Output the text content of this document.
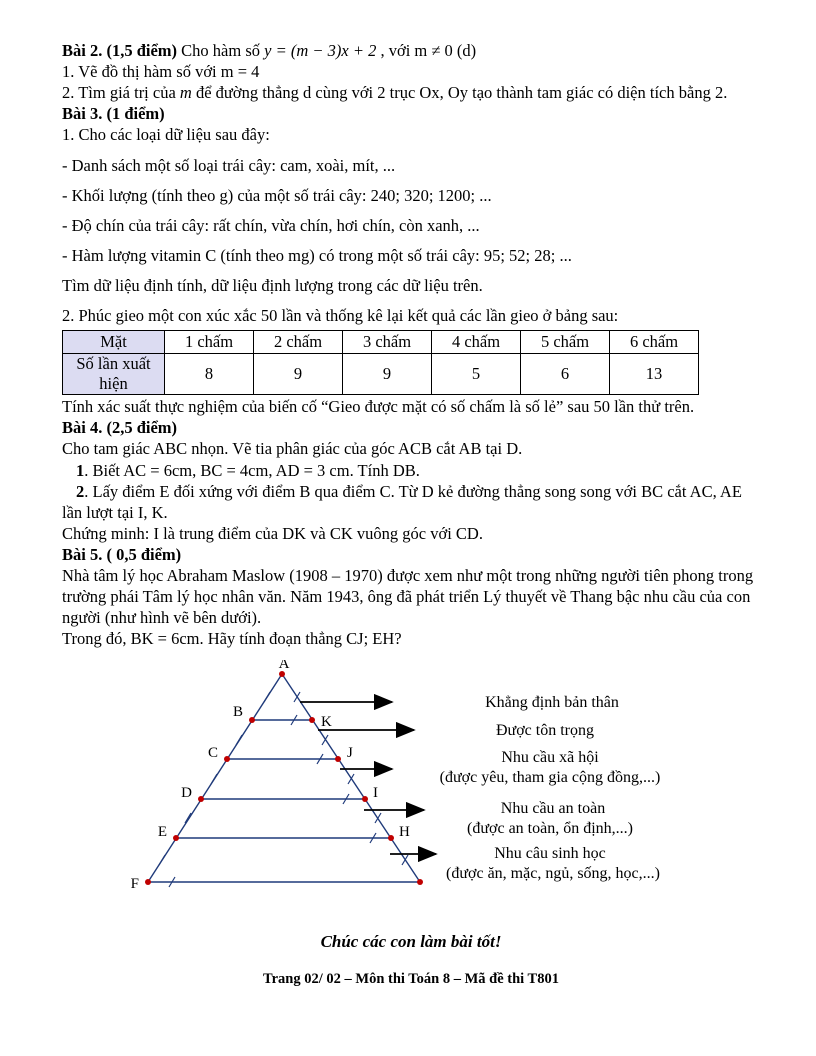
Bài 2. (1,5 điểm) Cho hàm số y = (m − 3)x + 2 , với m ≠ 0 (d)

1. Vẽ đồ thị hàm số với m = 4

2. Tìm giá trị của m để đường thẳng d cùng với 2 trục Ox, Oy tạo thành tam giác có diện tích bằng 2.

Bài 3. (1 điểm)

1. Cho các loại dữ liệu sau đây:

- Danh sách một số loại trái cây: cam, xoài, mít, ...

- Khối lượng (tính theo g) của một số trái cây: 240; 320; 1200; ...

- Độ chín của trái cây: rất chín, vừa chín, hơi chín, còn xanh, ...

- Hàm lượng vitamin C (tính theo mg) có trong một số trái cây: 95; 52; 28; ...

Tìm dữ liệu định tính, dữ liệu định lượng trong các dữ liệu trên.

2. Phúc gieo một con xúc xắc 50 lần và thống kê lại kết quả các lần gieo ở bảng sau:

Mặt	1 chấm	2 chấm	3 chấm	4 chấm	5 chấm	6 chấm
Số lần xuất hiện	8	9	9	5	6	13

Tính xác suất thực nghiệm của biến cố “Gieo được mặt có số chấm là số lẻ” sau 50 lần thử trên.

Bài 4. (2,5 điểm)

Cho tam giác ABC nhọn. Vẽ tia phân giác của góc ACB cắt AB tại D.

1. Biết AC = 6cm, BC = 4cm, AD = 3 cm. Tính DB.

2. Lấy điểm E đối xứng với điểm B qua điểm C. Từ D kẻ đường thẳng song song với BC cắt AC, AE lần lượt tại I, K.

Chứng minh: I là trung điểm của DK và CK vuông góc với CD.

Bài 5. ( 0,5 điểm)

Nhà tâm lý học Abraham Maslow (1908 – 1970) được xem như một trong những người tiên phong trong trường phái Tâm lý học nhân văn. Năm 1943, ông đã phát triển Lý thuyết về Thang bậc nhu cầu của con người (như hình vẽ bên dưới).

Trong đó, BK = 6cm. Hãy tính đoạn thẳng CJ; EH?

A
B
K
C	J
D	I
E	H
F
Khẳng định bản thân
Được tôn trọng
Nhu cầu xã hội
(được yêu, tham gia cộng đồng,...)
Nhu cầu an toàn
(được an toàn, ổn định,...)
Nhu câu sinh học
(được ăn, mặc, ngủ, sống, học,...)

Chúc các con làm bài tốt!

Trang 02/ 02 – Môn thi Toán 8 – Mã đề thi T801
